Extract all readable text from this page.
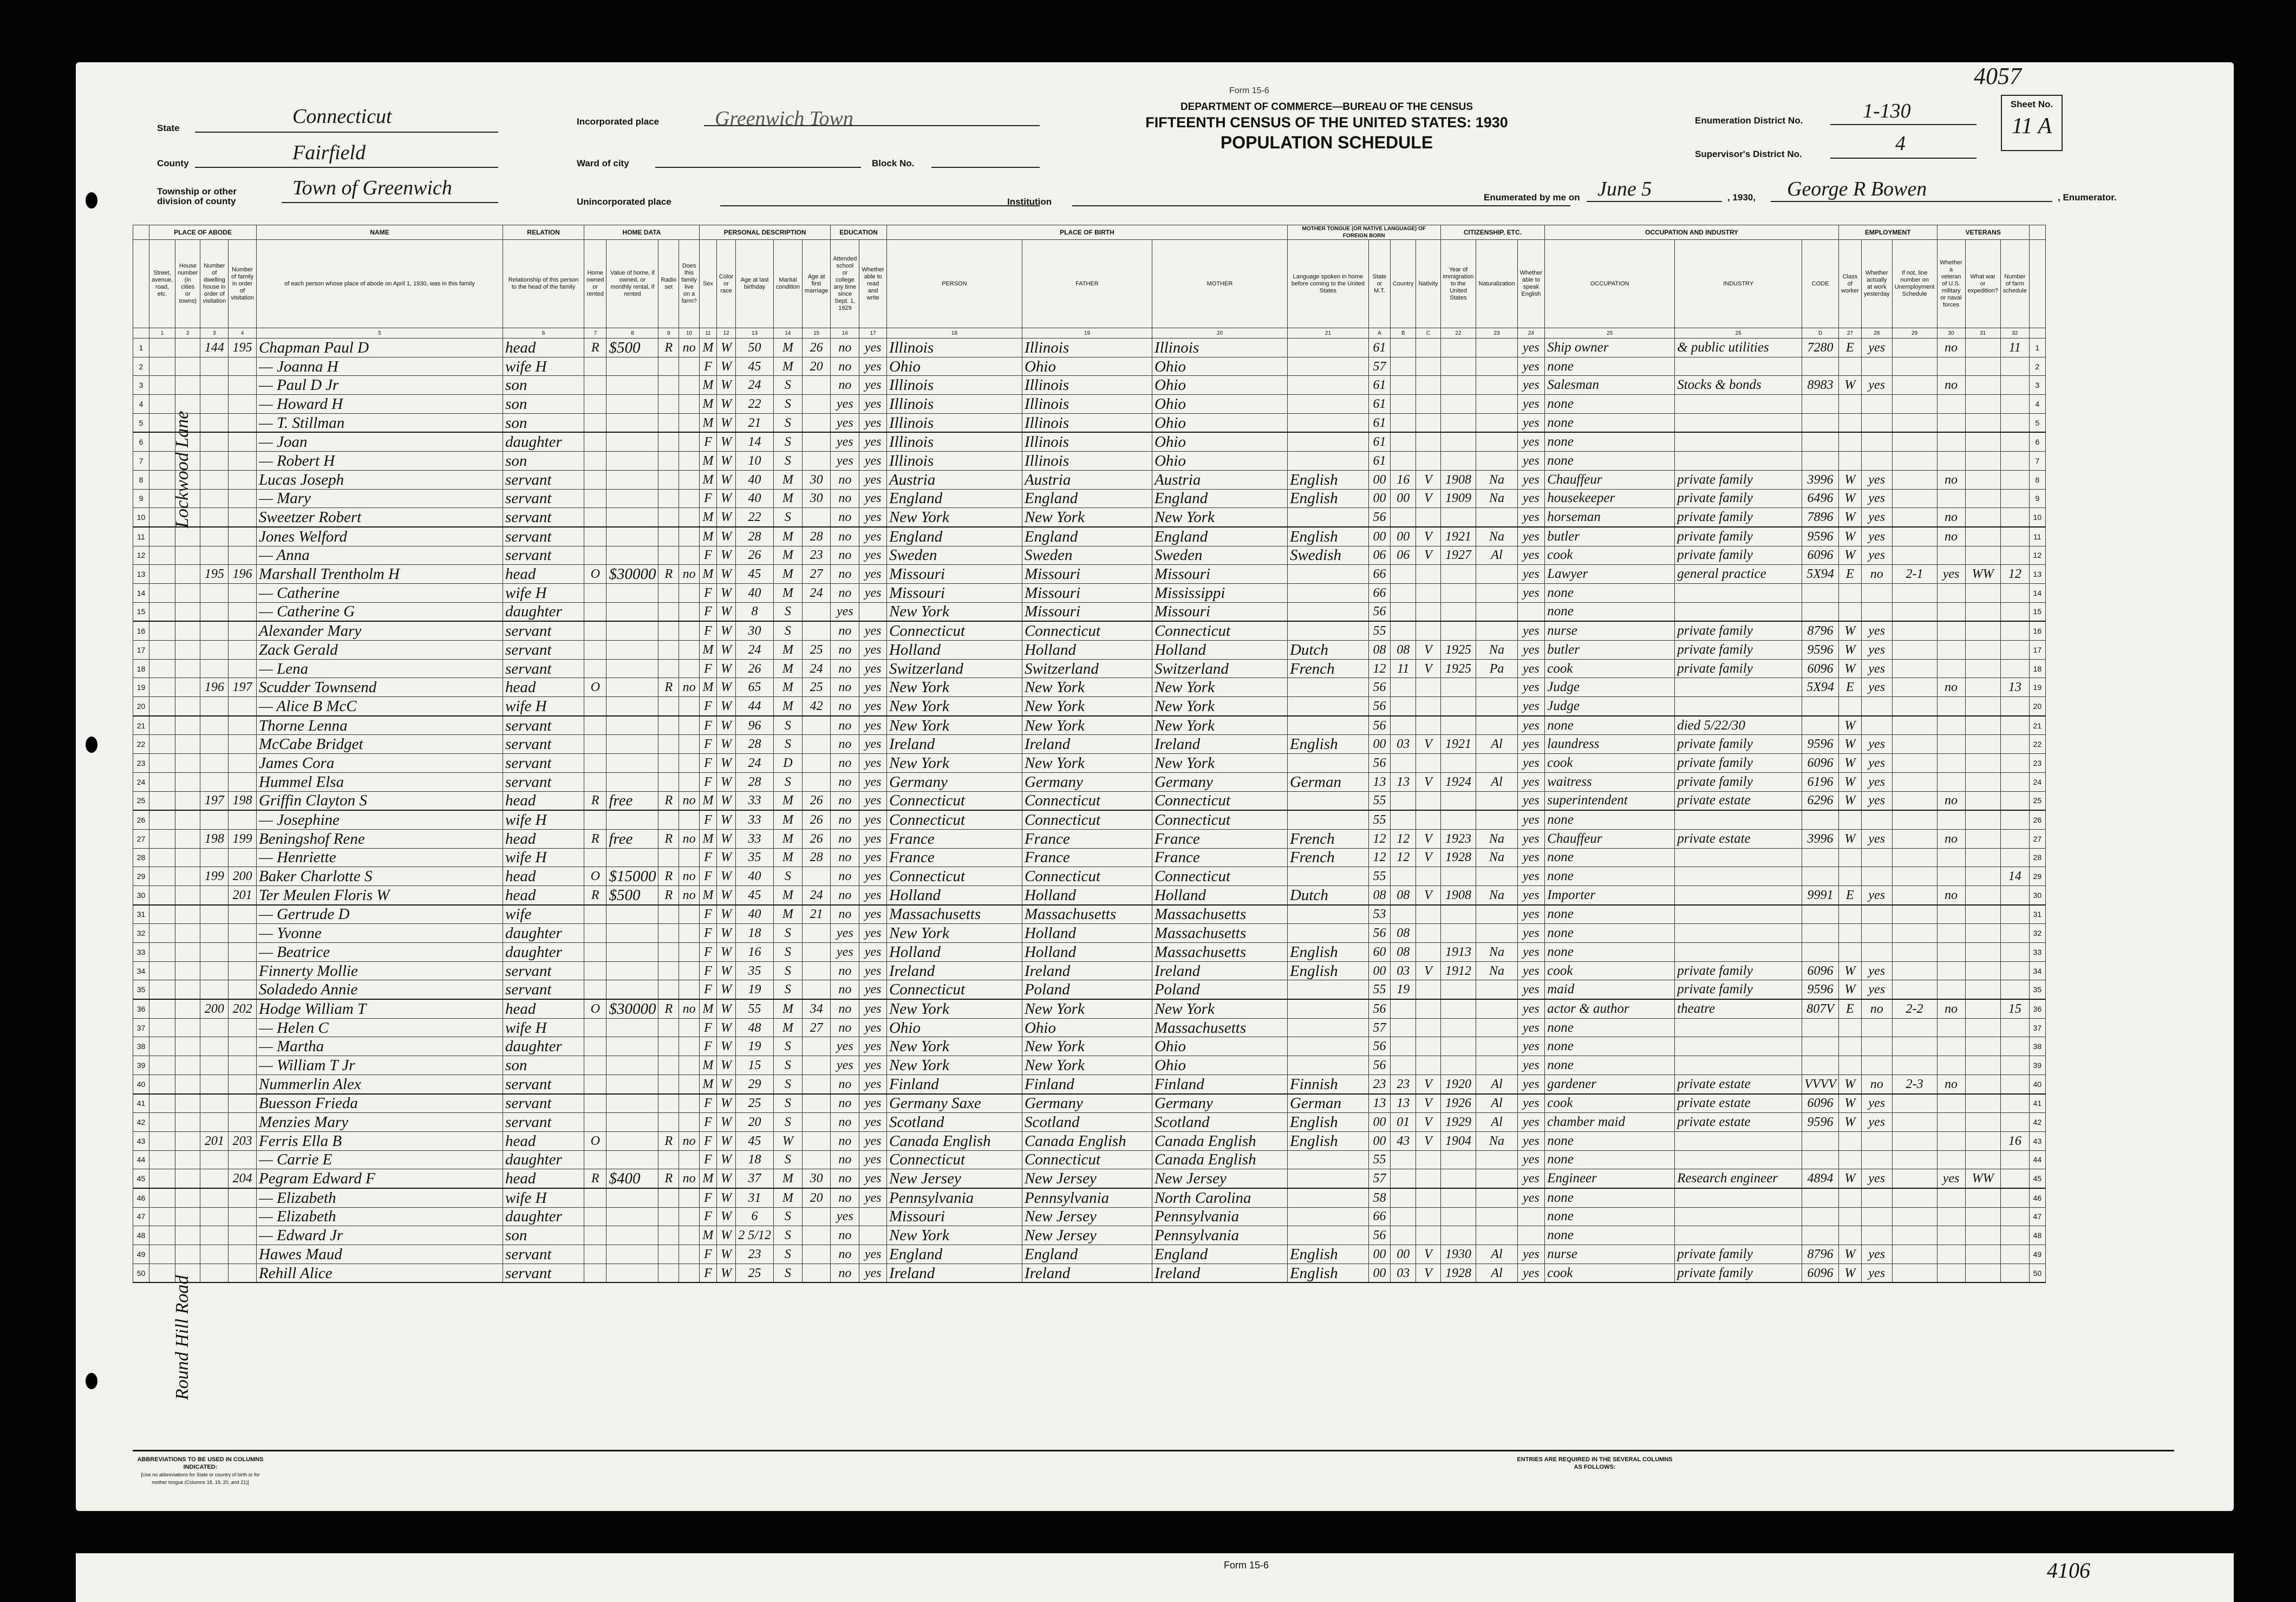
Form 15-6
4057
DEPARTMENT OF COMMERCE—BUREAU OF THE CENSUS
FIFTEENTH CENSUS OF THE UNITED STATES: 1930
POPULATION SCHEDULE
State
Connecticut
County	Fairfield
Township or other division of county
Town of Greenwich
Incorporated place	Greenwich Town
Ward of city	Block No.
Unincorporated place	Institution
Enumeration District No.	1-130
Supervisor's District No.	4
Sheet No.
11 A
Enumerated by me on June 5	, 1930, George R Bowen	, Enumerator.
Lockwood Lane
Round Hill Road
	PLACE OF ABODE				NAME	RELATION	HOME DATA				PERSONAL DESCRIPTION					EDUCATION		PLACE OF BIRTH			MOTHER TONGUE (OR NATIVE LANGUAGE) OF FOREIGN BORN				CITIZENSHIP, ETC.			OCCUPATION AND INDUSTRY			EMPLOYMENT			VETERANS			
	Street, avenue, road, etc.	House number (in cities or towns)	Number of dwelling house in order of visitation	Number of family in order of visitation	of each person whose place of abode on April 1, 1930, was in this family	Relationship of this person to the head of the family	Home owned or rented	Value of home, if owned, or monthly rental, if rented	Radio set	Does this family live on a farm?	Sex	Color or race	Age at last birthday	Marital condition	Age at first marriage	Attended school or college any time since Sept. 1, 1929	Whether able to read and write	PERSON	FATHER	MOTHER	Language spoken in home before coming to the United States	State or M.T.	Country	Nativity	Year of immigration to the United States	Naturalization	Whether able to speak English	OCCUPATION	INDUSTRY	CODE	Class of worker	Whether actually at work yesterday	If not, line number on Unemployment Schedule	Whether a veteran of U.S. military or naval forces	What war or expedition?	Number of farm schedule	
	1	2	3	4	5	6	7	8	9	10	11	12	13	14	15	16	17	18	19	20	21	A	B	C	22	23	24	25	26	D	27	28	29	30	31	32	
1			144	195	Chapman Paul D	head	R	$500	R	no	M	W	50	M	26	no	yes	Illinois	Illinois	Illinois		61					yes	Ship owner	& public utilities	7280	E	yes		no		11	1
2					— Joanna H	wife H					F	W	45	M	20	no	yes	Ohio	Ohio	Ohio		57					yes	none									2
3					— Paul D Jr	son					M	W	24	S		no	yes	Illinois	Illinois	Ohio		61					yes	Salesman	Stocks & bonds	8983	W	yes		no			3
4					— Howard H	son					M	W	22	S		yes	yes	Illinois	Illinois	Ohio		61					yes	none									4
5					— T. Stillman	son					M	W	21	S		yes	yes	Illinois	Illinois	Ohio		61					yes	none									5
6					— Joan	daughter					F	W	14	S		yes	yes	Illinois	Illinois	Ohio		61					yes	none									6
7					— Robert H	son					M	W	10	S		yes	yes	Illinois	Illinois	Ohio		61					yes	none									7
8					Lucas Joseph	servant					M	W	40	M	30	no	yes	Austria	Austria	Austria	English	00	16	V	1908	Na	yes	Chauffeur	private family	3996	W	yes		no			8
9					— Mary	servant					F	W	40	M	30	no	yes	England	England	England	English	00	00	V	1909	Na	yes	housekeeper	private family	6496	W	yes					9
10					Sweetzer Robert	servant					M	W	22	S		no	yes	New York	New York	New York		56					yes	horseman	private family	7896	W	yes		no			10
11					Jones Welford	servant					M	W	28	M	28	no	yes	England	England	England	English	00	00	V	1921	Na	yes	butler	private family	9596	W	yes		no			11
12					— Anna	servant					F	W	26	M	23	no	yes	Sweden	Sweden	Sweden	Swedish	06	06	V	1927	Al	yes	cook	private family	6096	W	yes					12
13			195	196	Marshall Trentholm H	head	O	$30000	R	no	M	W	45	M	27	no	yes	Missouri	Missouri	Missouri		66					yes	Lawyer	general practice	5X94	E	no	2-1	yes	WW	12	13
14					— Catherine	wife H					F	W	40	M	24	no	yes	Missouri	Missouri	Mississippi		66					yes	none									14
15					— Catherine G	daughter					F	W	8	S		yes		New York	Missouri	Missouri		56						none									15
16					Alexander Mary	servant					F	W	30	S		no	yes	Connecticut	Connecticut	Connecticut		55					yes	nurse	private family	8796	W	yes					16
17					Zack Gerald	servant					M	W	24	M	25	no	yes	Holland	Holland	Holland	Dutch	08	08	V	1925	Na	yes	butler	private family	9596	W	yes					17
18					— Lena	servant					F	W	26	M	24	no	yes	Switzerland	Switzerland	Switzerland	French	12	11	V	1925	Pa	yes	cook	private family	6096	W	yes					18
19			196	197	Scudder Townsend	head	O		R	no	M	W	65	M	25	no	yes	New York	New York	New York		56					yes	Judge		5X94	E	yes		no		13	19
20					— Alice B McC	wife H					F	W	44	M	42	no	yes	New York	New York	New York		56					yes	Judge									20
21					Thorne Lenna	servant					F	W	96	S		no	yes	New York	New York	New York		56					yes	none	died 5/22/30		W						21
22					McCabe Bridget	servant					F	W	28	S		no	yes	Ireland	Ireland	Ireland	English	00	03	V	1921	Al	yes	laundress	private family	9596	W	yes					22
23					James Cora	servant					F	W	24	D		no	yes	New York	New York	New York		56					yes	cook	private family	6096	W	yes					23
24					Hummel Elsa	servant					F	W	28	S		no	yes	Germany	Germany	Germany	German	13	13	V	1924	Al	yes	waitress	private family	6196	W	yes					24
25			197	198	Griffin Clayton S	head	R	free	R	no	M	W	33	M	26	no	yes	Connecticut	Connecticut	Connecticut		55					yes	superintendent	private estate	6296	W	yes		no			25
26					— Josephine	wife H					F	W	33	M	26	no	yes	Connecticut	Connecticut	Connecticut		55					yes	none									26
27			198	199	Beningshof Rene	head	R	free	R	no	M	W	33	M	26	no	yes	France	France	France	French	12	12	V	1923	Na	yes	Chauffeur	private estate	3996	W	yes		no			27
28					— Henriette	wife H					F	W	35	M	28	no	yes	France	France	France	French	12	12	V	1928	Na	yes	none									28
29			199	200	Baker Charlotte S	head	O	$15000	R	no	F	W	40	S		no	yes	Connecticut	Connecticut	Connecticut		55					yes	none								14	29
30				201	Ter Meulen Floris W	head	R	$500	R	no	M	W	45	M	24	no	yes	Holland	Holland	Holland	Dutch	08	08	V	1908	Na	yes	Importer		9991	E	yes		no			30
31					— Gertrude D	wife					F	W	40	M	21	no	yes	Massachusetts	Massachusetts	Massachusetts		53					yes	none									31
32					— Yvonne	daughter					F	W	18	S		yes	yes	New York	Holland	Massachusetts		56	08				yes	none									32
33					— Beatrice	daughter					F	W	16	S		yes	yes	Holland	Holland	Massachusetts	English	60	08		1913	Na	yes	none									33
34					Finnerty Mollie	servant					F	W	35	S		no	yes	Ireland	Ireland	Ireland	English	00	03	V	1912	Na	yes	cook	private family	6096	W	yes					34
35					Soladedo Annie	servant					F	W	19	S		no	yes	Connecticut	Poland	Poland		55	19				yes	maid	private family	9596	W	yes					35
36			200	202	Hodge William T	head	O	$30000	R	no	M	W	55	M	34	no	yes	New York	New York	New York		56					yes	actor & author	theatre	807V	E	no	2-2	no		15	36
37					— Helen C	wife H					F	W	48	M	27	no	yes	Ohio	Ohio	Massachusetts		57					yes	none									37
38					— Martha	daughter					F	W	19	S		yes	yes	New York	New York	Ohio		56					yes	none									38
39					— William T Jr	son					M	W	15	S		yes	yes	New York	New York	Ohio		56					yes	none									39
40					Nummerlin Alex	servant					M	W	29	S		no	yes	Finland	Finland	Finland	Finnish	23	23	V	1920	Al	yes	gardener	private estate	VVVV	W	no	2-3	no			40
41					Buesson Frieda	servant					F	W	25	S		no	yes	Germany Saxe	Germany	Germany	German	13	13	V	1926	Al	yes	cook	private estate	6096	W	yes					41
42					Menzies Mary	servant					F	W	20	S		no	yes	Scotland	Scotland	Scotland	English	00	01	V	1929	Al	yes	chamber maid	private estate	9596	W	yes					42
43			201	203	Ferris Ella B	head	O		R	no	F	W	45	W		no	yes	Canada English	Canada English	Canada English	English	00	43	V	1904	Na	yes	none								16	43
44					— Carrie E	daughter					F	W	18	S		no	yes	Connecticut	Connecticut	Canada English		55					yes	none									44
45				204	Pegram Edward F	head	R	$400	R	no	M	W	37	M	30	no	yes	New Jersey	New Jersey	New Jersey		57					yes	Engineer	Research engineer	4894	W	yes		yes	WW		45
46					— Elizabeth	wife H					F	W	31	M	20	no	yes	Pennsylvania	Pennsylvania	North Carolina		58					yes	none									46
47					— Elizabeth	daughter					F	W	6	S		yes		Missouri	New Jersey	Pennsylvania		66						none									47
48					— Edward Jr	son					M	W	2 5/12	S		no		New York	New Jersey	Pennsylvania		56						none									48
49					Hawes Maud	servant					F	W	23	S		no	yes	England	England	England	English	00	00	V	1930	Al	yes	nurse	private family	8796	W	yes					49
50					Rehill Alice	servant					F	W	25	S		no	yes	Ireland	Ireland	Ireland	English	00	03	V	1928	Al	yes	cook	private family	6096	W	yes					50
ABBREVIATIONS TO BE USED IN COLUMNS INDICATED:
[Use no abbreviations for State or country of birth or for mother tongue (Columns 18, 19, 20, and 21)]
ENTRIES ARE REQUIRED IN THE SEVERAL COLUMNS AS FOLLOWS:
Form 15-6	4106
